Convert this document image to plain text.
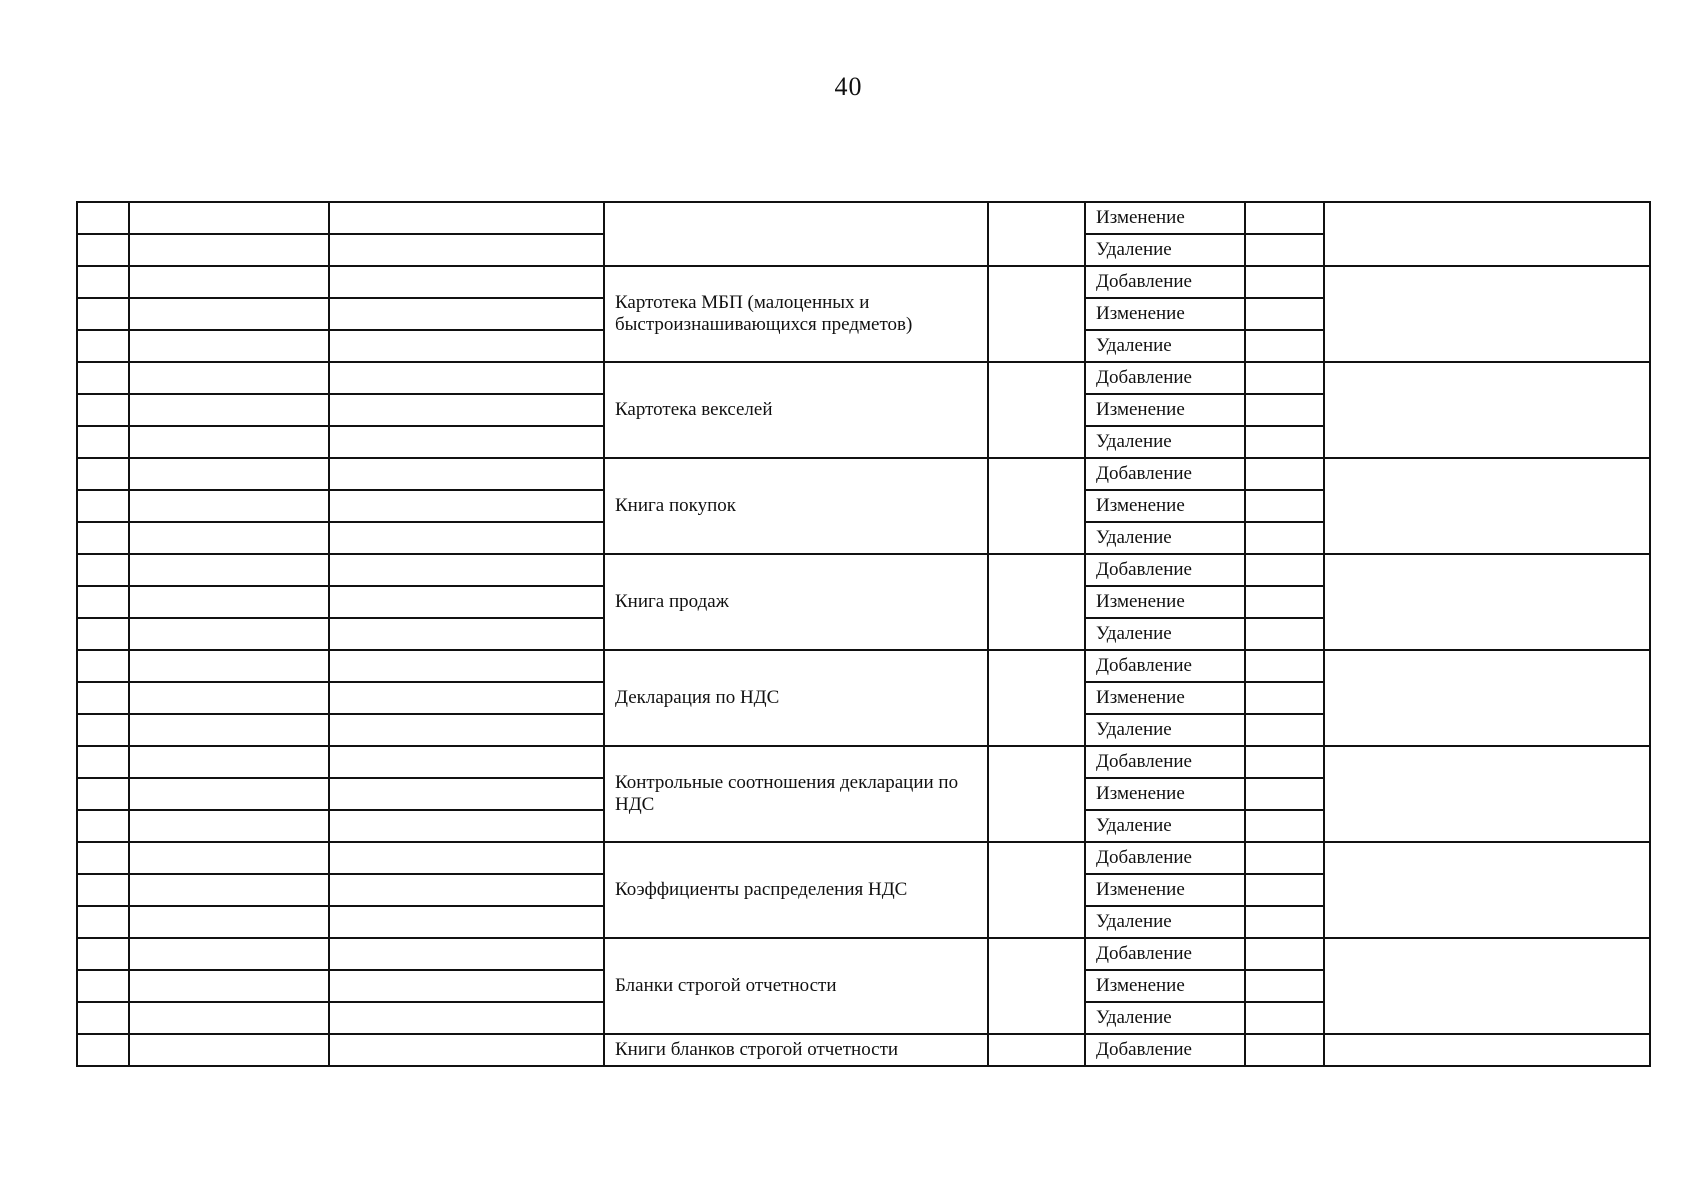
40
					Изменение		
					Удаление		
			Картотека МБП (малоценных и быстроизнашивающихся предметов)		Добавление		
					Изменение		
					Удаление		
			Картотека векселей		Добавление		
					Изменение		
					Удаление		
			Книга покупок		Добавление		
					Изменение		
					Удаление		
			Книга продаж		Добавление		
					Изменение		
					Удаление		
			Декларация по НДС		Добавление		
					Изменение		
					Удаление		
			Контрольные соотношения декларации по НДС		Добавление		
					Изменение		
					Удаление		
			Коэффициенты распределения НДС		Добавление		
					Изменение		
					Удаление		
			Бланки строгой отчетности		Добавление		
					Изменение		
					Удаление		
			Книги бланков строгой отчетности		Добавление		
